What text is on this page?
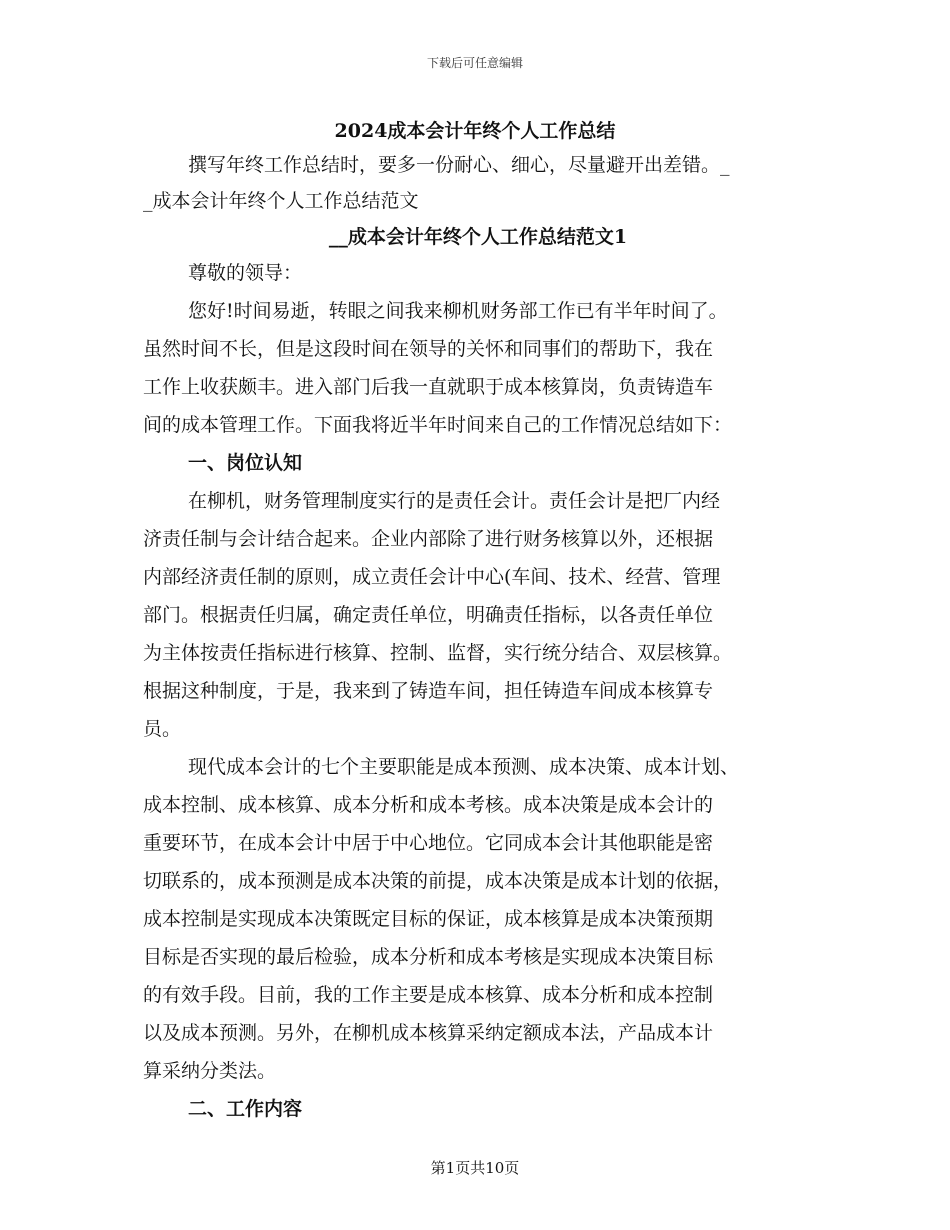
下载后可任意编辑
2024成本会计年终个人工作总结
撰写年终工作总结时，要多一份耐心、细心，尽量避开出差错。_
_成本会计年终个人工作总结范文
__成本会计年终个人工作总结范文1
尊敬的领导：
您好!时间易逝，转眼之间我来柳机财务部工作已有半年时间了。
虽然时间不长，但是这段时间在领导的关怀和同事们的帮助下，我在
工作上收获颇丰。进入部门后我一直就职于成本核算岗，负责铸造车
间的成本管理工作。下面我将近半年时间来自己的工作情况总结如下：
一、岗位认知
在柳机，财务管理制度实行的是责任会计。责任会计是把厂内经
济责任制与会计结合起来。企业内部除了进行财务核算以外，还根据
内部经济责任制的原则，成立责任会计中心(车间、技术、经营、管理
部门。根据责任归属，确定责任单位，明确责任指标，以各责任单位
为主体按责任指标进行核算、控制、监督，实行统分结合、双层核算。
根据这种制度，于是，我来到了铸造车间，担任铸造车间成本核算专
员。
现代成本会计的七个主要职能是成本预测、成本决策、成本计划、
成本控制、成本核算、成本分析和成本考核。成本决策是成本会计的
重要环节，在成本会计中居于中心地位。它同成本会计其他职能是密
切联系的，成本预测是成本决策的前提，成本决策是成本计划的依据，
成本控制是实现成本决策既定目标的保证，成本核算是成本决策预期
目标是否实现的最后检验，成本分析和成本考核是实现成本决策目标
的有效手段。目前，我的工作主要是成本核算、成本分析和成本控制
以及成本预测。另外，在柳机成本核算采纳定额成本法，产品成本计
算采纳分类法。
二、工作内容
第1页共10页
